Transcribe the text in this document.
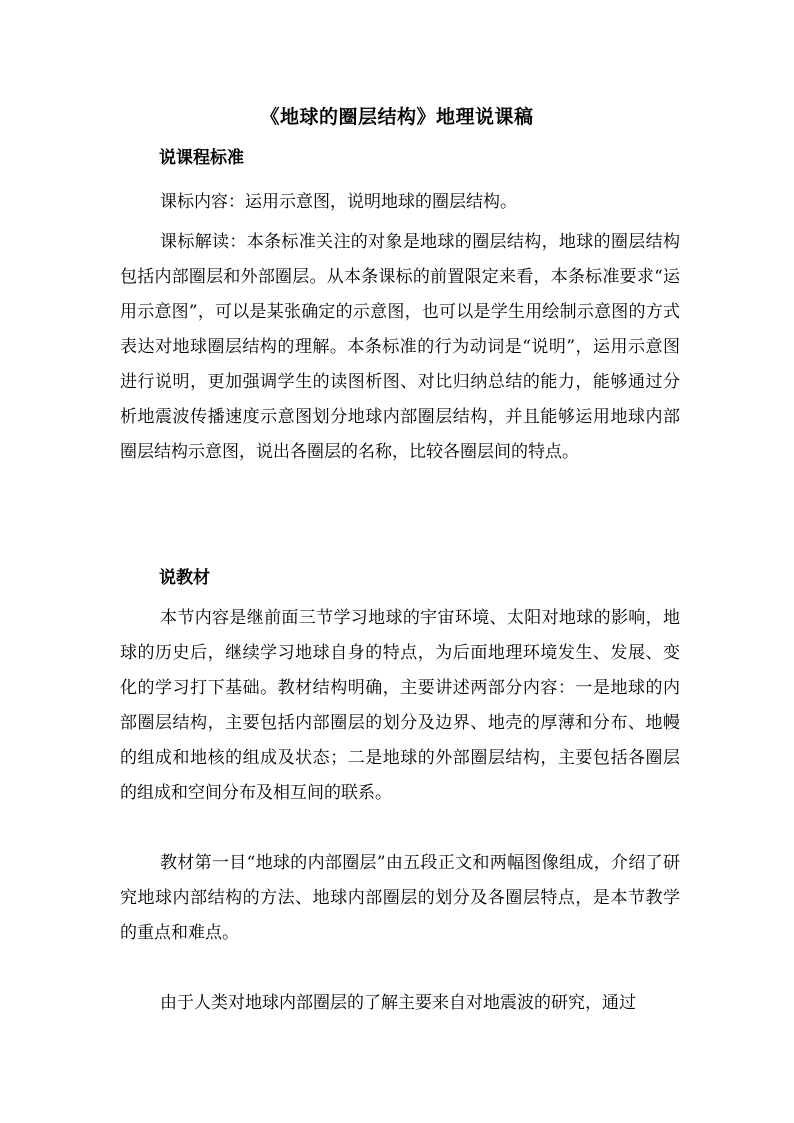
《地球的圈层结构》地理说课稿
说课程标准
课标内容：运用示意图，说明地球的圈层结构。
课标解读：本条标准关注的对象是地球的圈层结构，地球的圈层结构包括内部圈层和外部圈层。从本条课标的前置限定来看，本条标准要求“运用示意图”，可以是某张确定的示意图，也可以是学生用绘制示意图的方式表达对地球圈层结构的理解。本条标准的行为动词是“说明”，运用示意图进行说明，更加强调学生的读图析图、对比归纳总结的能力，能够通过分析地震波传播速度示意图划分地球内部圈层结构，并且能够运用地球内部圈层结构示意图，说出各圈层的名称，比较各圈层间的特点。
说教材
本节内容是继前面三节学习地球的宇宙环境、太阳对地球的影响，地球的历史后，继续学习地球自身的特点，为后面地理环境发生、发展、变化的学习打下基础。教材结构明确，主要讲述两部分内容：一是地球的内部圈层结构，主要包括内部圈层的划分及边界、地壳的厚薄和分布、地幔的组成和地核的组成及状态；二是地球的外部圈层结构，主要包括各圈层的组成和空间分布及相互间的联系。
教材第一目“地球的内部圈层”由五段正文和两幅图像组成，介绍了研究地球内部结构的方法、地球内部圈层的划分及各圈层特点，是本节教学的重点和难点。
由于人类对地球内部圈层的了解主要来自对地震波的研究，通过
